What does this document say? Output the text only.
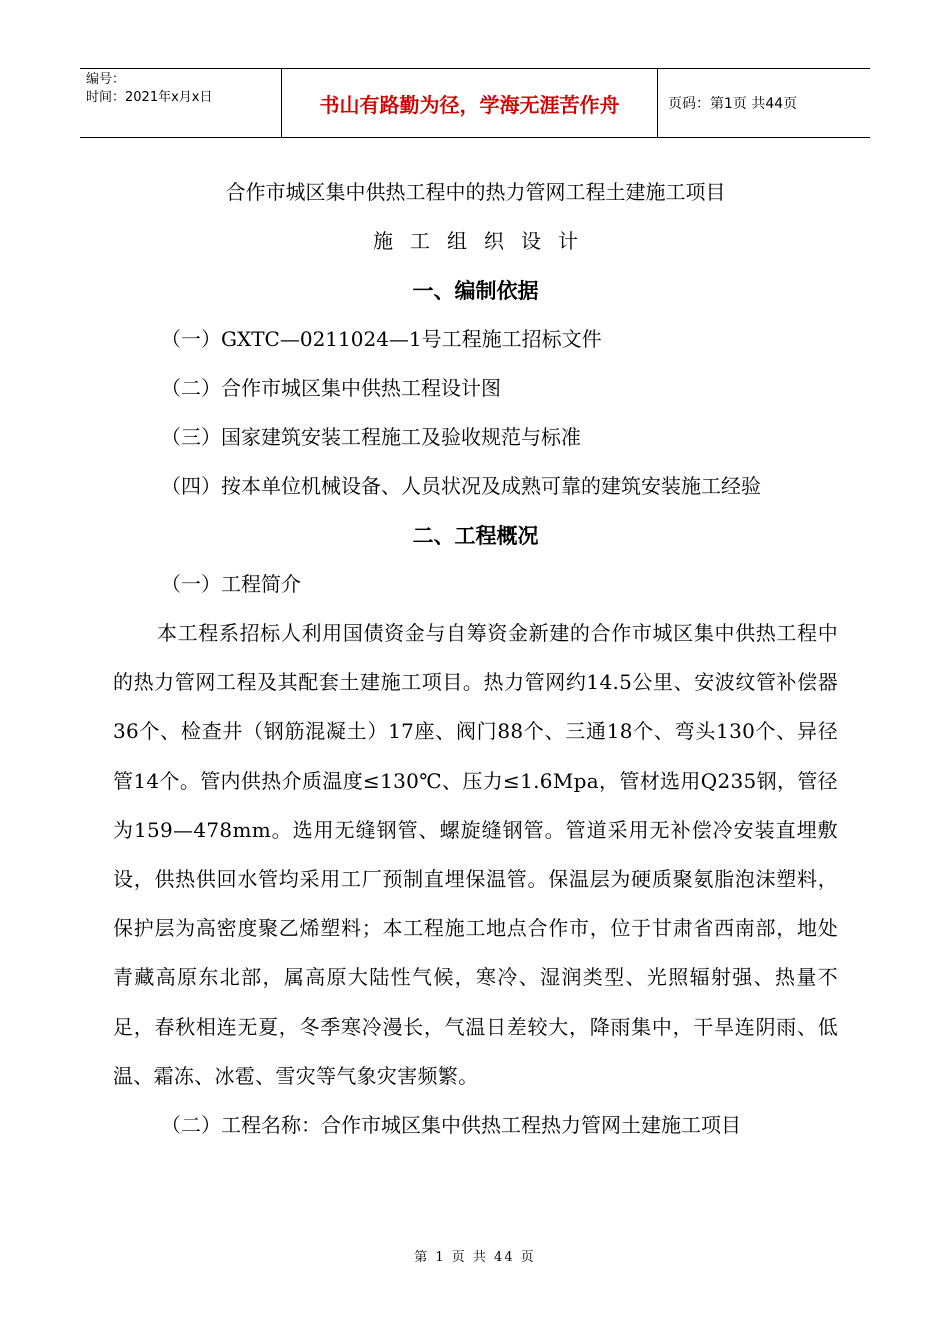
编号：
时间：2021年x月x日	书山有路勤为径，学海无涯苦作舟	页码：第1页 共44页
合作市城区集中供热工程中的热力管网工程土建施工项目
施工组织设计
一、编制依据
（一）GXTC—0211024—1号工程施工招标文件
（二）合作市城区集中供热工程设计图
（三）国家建筑安装工程施工及验收规范与标准
（四）按本单位机械设备、人员状况及成熟可靠的建筑安装施工经验
二、工程概况
（一）工程简介
本工程系招标人利用国债资金与自筹资金新建的合作市城区集中供热工程中的热力管网工程及其配套土建施工项目。热力管网约14.5公里、安波纹管补偿器36个、检查井（钢筋混凝土）17座、阀门88个、三通18个、弯头130个、异径管14个。管内供热介质温度≤130℃、压力≤1.6Mpa，管材选用Q235钢，管径为159—478mm。选用无缝钢管、螺旋缝钢管。管道采用无补偿冷安装直埋敷设，供热供回水管均采用工厂预制直埋保温管。保温层为硬质聚氨脂泡沫塑料，保护层为高密度聚乙烯塑料；本工程施工地点合作市，位于甘肃省西南部，地处青藏高原东北部，属高原大陆性气候，寒冷、湿润类型、光照辐射强、热量不足，春秋相连无夏，冬季寒冷漫长，气温日差较大，降雨集中，干旱连阴雨、低温、霜冻、冰雹、雪灾等气象灾害频繁。
（二）工程名称：合作市城区集中供热工程热力管网土建施工项目
第 1 页 共 44 页
